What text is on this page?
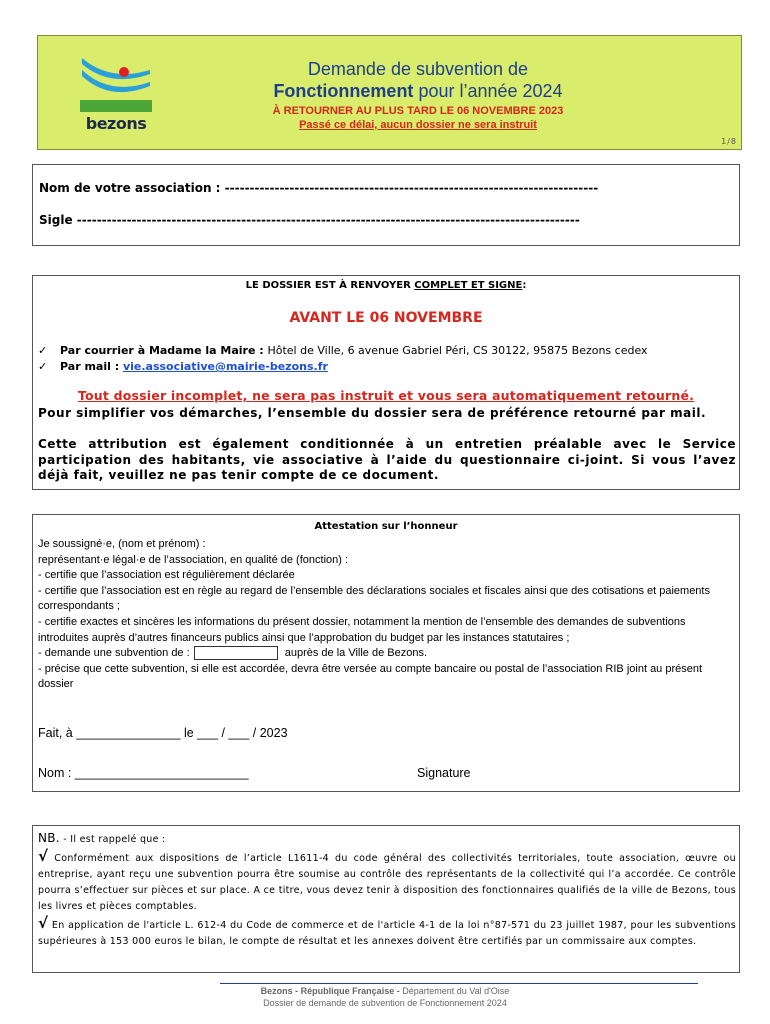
bezons
Demande de subvention de
Fonctionnement pour l’année 2024
À RETOURNER AU PLUS TARD LE 06 NOVEMBRE 2023
Passé ce délai, aucun dossier ne sera instruit
1/8
Nom de votre association : ---------------------------------------------------------------------------
Sigle -----------------------------------------------------------------------------------------------------
LE DOSSIER EST À RENVOYER COMPLET ET SIGNE:
AVANT LE 06 NOVEMBRE
✓ Par courrier à Madame la Maire : Hôtel de Ville, 6 avenue Gabriel Péri, CS 30122, 95875 Bezons cedex
✓ Par mail : vie.associative@mairie-bezons.fr
Tout dossier incomplet, ne sera pas instruit et vous sera automatiquement retourné.
Pour simplifier vos démarches, l’ensemble du dossier sera de préférence retourné par mail.
Cette attribution est également conditionnée à un entretien préalable avec le Service participation des habitants, vie associative à l’aide du questionnaire ci-joint. Si vous l’avez déjà fait, veuillez ne pas tenir compte de ce document.
Attestation sur l’honneur
Je soussigné·e, (nom et prénom) :
représentant·e légal·e de l’association, en qualité de (fonction) :
- certifie que l’association est régulièrement déclarée
- certifie que l’association est en règle au regard de l’ensemble des déclarations sociales et fiscales ainsi que des cotisations et paiements correspondants ;
- certifie exactes et sincères les informations du présent dossier, notamment la mention de l’ensemble des demandes de subventions introduites auprès d’autres financeurs publics ainsi que l’approbation du budget par les instances statutaires ;
- demande une subvention de :	auprès de la Ville de Bezons.
- précise que cette subvention, si elle est accordée, devra être versée au compte bancaire ou postal de l’association RIB joint au présent dossier
Fait, à _______________ le ___ / ___ / 2023
Nom : _________________________	Signature
NB. - Il est rappelé que :
√ Conformément aux dispositions de l’article L1611-4 du code général des collectivités territoriales, toute association, œuvre ou entreprise, ayant reçu une subvention pourra être soumise au contrôle des représentants de la collectivité qui l’a accordée. Ce contrôle pourra s’effectuer sur pièces et sur place. A ce titre, vous devez tenir à disposition des fonctionnaires qualifiés de la ville de Bezons, tous les livres et pièces comptables.
√ En application de l'article L. 612-4 du Code de commerce et de l'article 4-1 de la loi n°87-571 du 23 juillet 1987, pour les subventions supérieures à 153 000 euros le bilan, le compte de résultat et les annexes doivent être certifiés par un commissaire aux comptes.
Bezons - République Française - Département du Val d'Oise
Dossier de demande de subvention de Fonctionnement 2024
